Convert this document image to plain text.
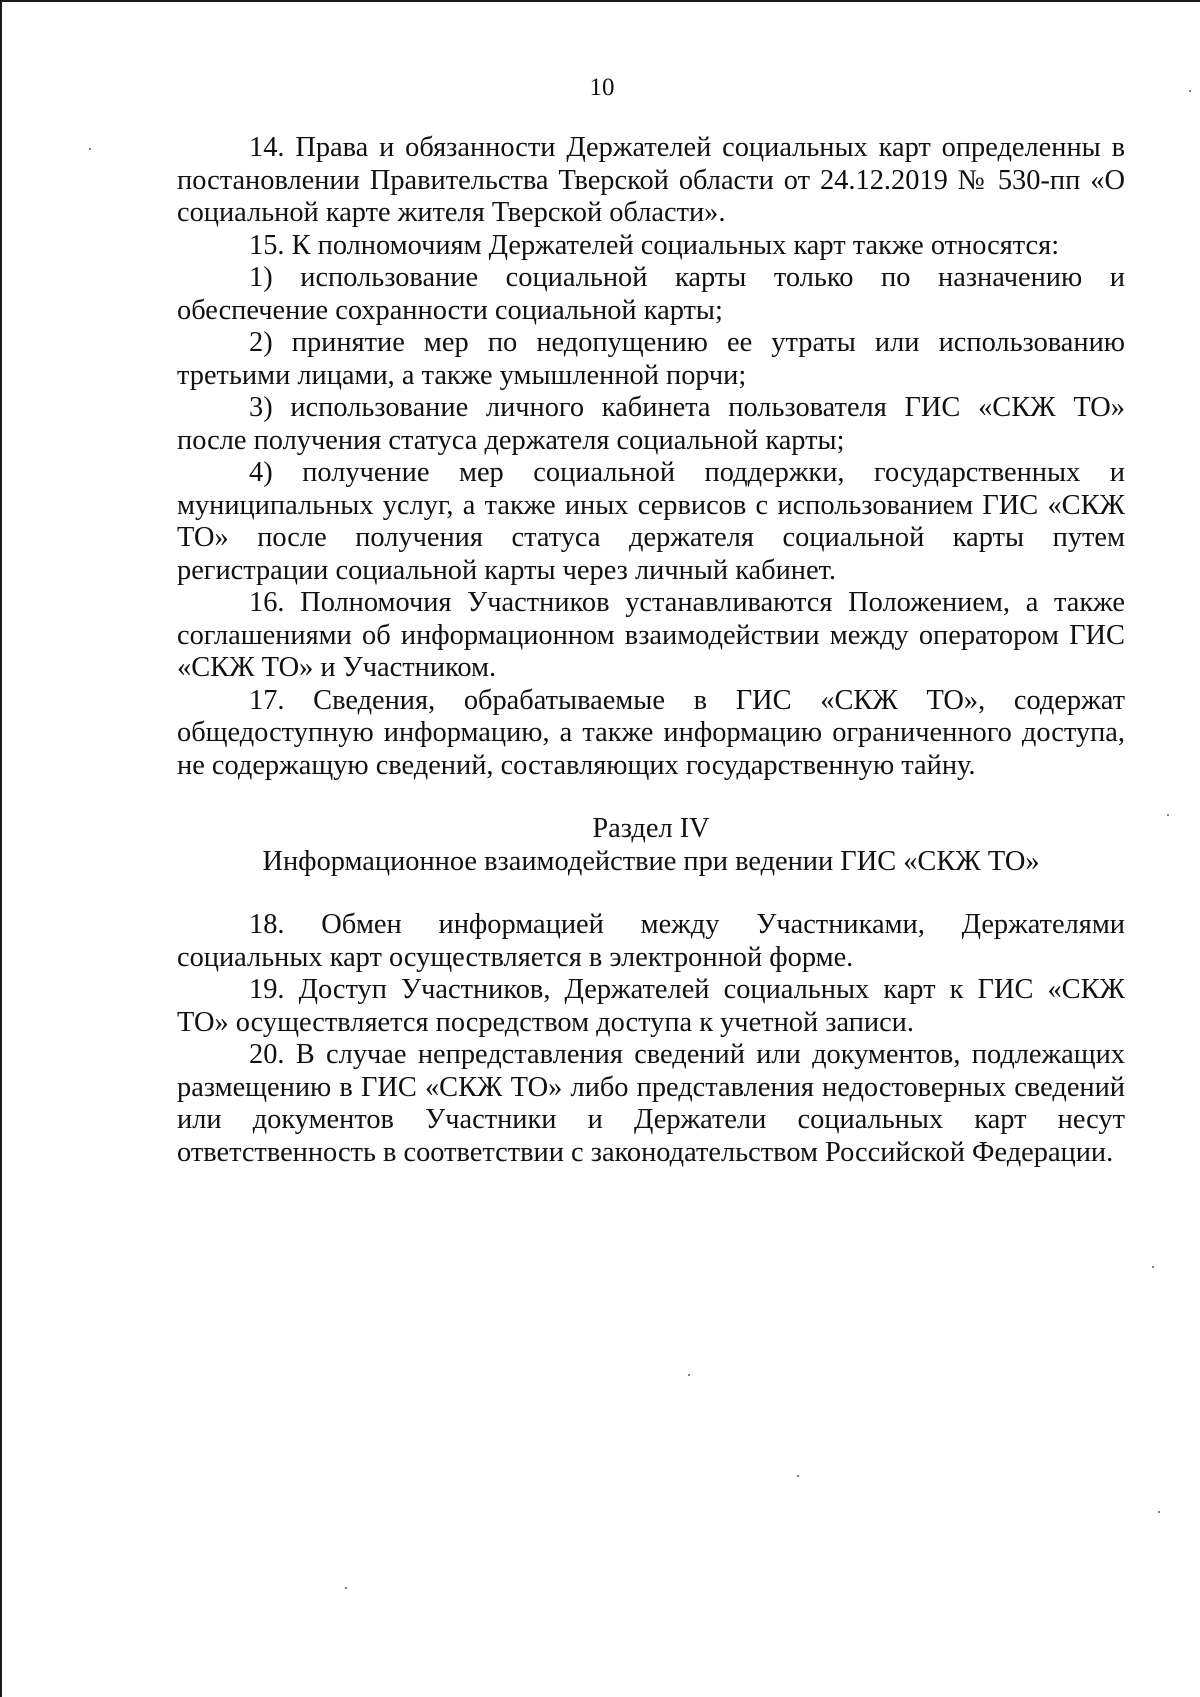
10

14. Права и обязанности Держателей социальных карт определенны в постановлении Правительства Тверской области от 24.12.2019 № 530-пп «О социальной карте жителя Тверской области».

15. К полномочиям Держателей социальных карт также относятся:

1) использование социальной карты только по назначению и обеспечение сохранности социальной карты;

2) принятие мер по недопущению ее утраты или использованию третьими лицами, а также умышленной порчи;

3) использование личного кабинета пользователя ГИС «СКЖ ТО» после получения статуса держателя социальной карты;

4) получение мер социальной поддержки, государственных и муниципальных услуг, а также иных сервисов с использованием ГИС «СКЖ ТО» после получения статуса держателя социальной карты путем регистрации социальной карты через личный кабинет.

16. Полномочия Участников устанавливаются Положением, а также соглашениями об информационном взаимодействии между оператором ГИС «СКЖ ТО» и Участником.

17. Сведения, обрабатываемые в ГИС «СКЖ ТО», содержат общедоступную информацию, а также информацию ограниченного доступа, не содержащую сведений, составляющих государственную тайну.

Раздел IV

Информационное взаимодействие при ведении ГИС «СКЖ ТО»

18. Обмен информацией между Участниками, Держателями социальных карт осуществляется в электронной форме.

19. Доступ Участников, Держателей социальных карт к ГИС «СКЖ ТО» осуществляется посредством доступа к учетной записи.

20. В случае непредставления сведений или документов, подлежащих размещению в ГИС «СКЖ ТО» либо представления недостоверных сведений или документов Участники и Держатели социальных карт несут ответственность в соответствии с законодательством Российской Федерации.
